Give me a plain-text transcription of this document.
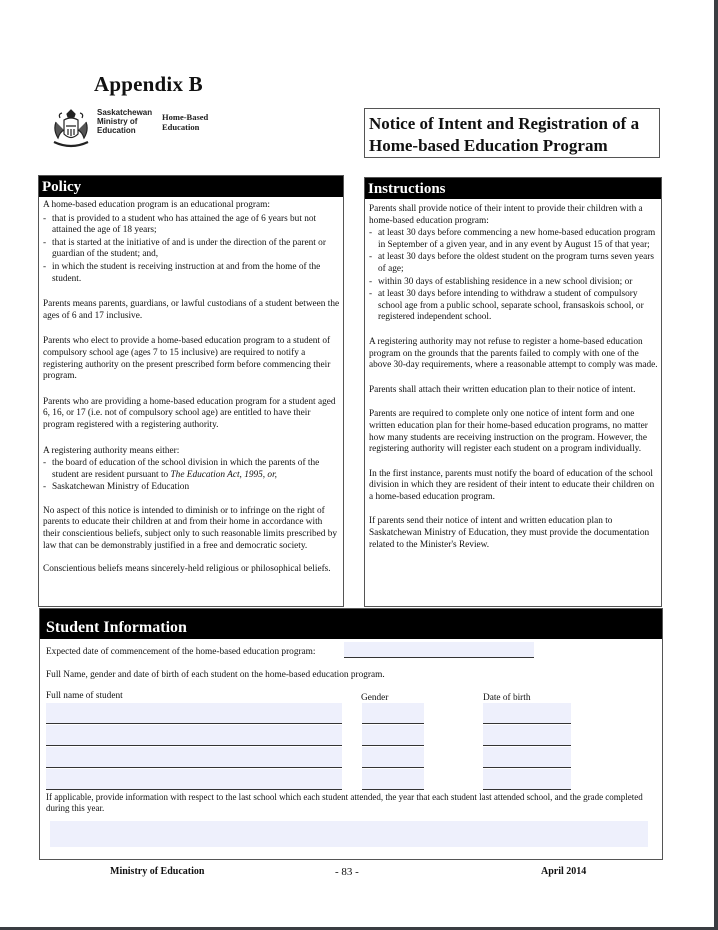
Appendix B
Saskatchewan
Ministry of
Education
Home-Based
Education	Notice of Intent and Registration of a
Home-based Education Program
Policy

A home-based education program is an educational program:

- that is provided to a student who has attained the age of 6 years but not attained the age of 18 years;
- that is started at the initiative of and is under the direction of the parent or guardian of the student; and,
- in which the student is receiving instruction at and from the home of the student.

Parents means parents, guardians, or lawful custodians of a student between the ages of 6 and 17 inclusive.

Parents who elect to provide a home-based education program to a student of compulsory school age (ages 7 to 15 inclusive) are required to notify a registering authority on the present prescribed form before commencing their program.

Parents who are providing a home-based education program for a student aged 6, 16, or 17 (i.e. not of compulsory school age) are entitled to have their program registered with a registering authority.

A registering authority means either:

- the board of education of the school division in which the parents of the student are resident pursuant to The Education Act, 1995, or,
- Saskatchewan Ministry of Education

No aspect of this notice is intended to diminish or to infringe on the right of parents to educate their children at and from their home in accordance with their conscientious beliefs, subject only to such reasonable limits prescribed by law that can be demonstrably justified in a free and democratic society.

Conscientious beliefs means sincerely-held religious or philosophical beliefs.

Instructions

Parents shall provide notice of their intent to provide their children with a home-based education program:

- at least 30 days before commencing a new home-based education program in September of a given year, and in any event by August 15 of that year;
- at least 30 days before the oldest student on the program turns seven years of age;
- within 30 days of establishing residence in a new school division; or
- at least 30 days before intending to withdraw a student of compulsory school age from a public school, separate school, fransaskois school, or registered independent school.

A registering authority may not refuse to register a home-based education program on the grounds that the parents failed to comply with one of the above 30-day requirements, where a reasonable attempt to comply was made.

Parents shall attach their written education plan to their notice of intent.

Parents are required to complete only one notice of intent form and one written education plan for their home-based education programs, no matter how many students are receiving instruction on the program. However, the registering authority will register each student on a program individually.

In the first instance, parents must notify the board of education of the school division in which they are resident of their intent to educate their children on a home-based education program.

If parents send their notice of intent and written education plan to Saskatchewan Ministry of Education, they must provide the documentation related to the Minister's Review.

Student Information
Expected date of commencement of the home-based education program:
Full Name, gender and date of birth of each student on the home-based education program.
Full name of student	Gender	Date of birth
If applicable, provide information with respect to the last school which each student attended, the year that each student last attended school, and the grade completed during this year.
Ministry of Education	- 83 -	April 2014
